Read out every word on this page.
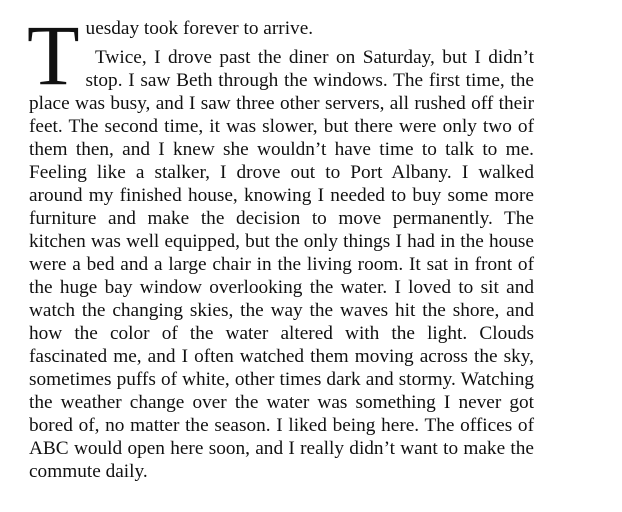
T uesday took forever to arrive.
Twice, I drove past the diner on Saturday, but I didn’t

stop. I saw Beth through the windows. The first time, the place was busy, and I saw three other servers, all rushed off their feet. The second time, it was slower, but there were only two of them then, and I knew she wouldn’t have time to talk to me. Feeling like a stalker, I drove out to Port Albany. I walked around my finished house, knowing I needed to buy some more furniture and make the decision to move permanently. The kitchen was well equipped, but the only things I had in the house were a bed and a large chair in the living room. It sat in front of the huge bay window overlooking the water. I loved to sit and watch the changing skies, the way the waves hit the shore, and how the color of the water altered with the light. Clouds fascinated me, and I often watched them moving across the sky, sometimes puffs of white, other times dark and stormy. Watching the weather change over the water was something I never got bored of, no matter the season. I liked being here. The offices of ABC would open here soon, and I really didn’t want to make the commute daily.
